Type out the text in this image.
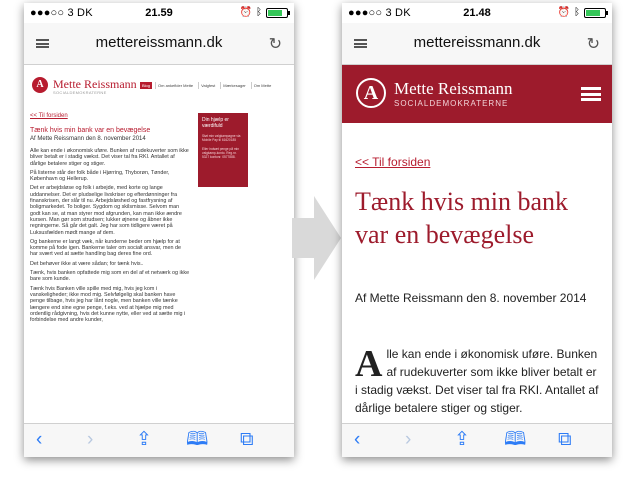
●●●○○ 3 DK	21.59	⏰ ᛒ
mettereissmann.dk	↻
A Mette Reissmann
SOCIALDEMOKRATERNE
Blog	Om ankeflder Mette	Valgfest	Mærkesager	Om Mette
<< Til forsiden
Tænk hvis min bank var en bevægelse
Af Mette Reissmann den 8. november 2014

Alle kan ende i økonomisk uføre. Bunken af rudekuverter som ikke bliver betalt er i stadig vækst. Det viser tal fra RKI. Antallet af dårlige betalere stiger og stiger.

På listerne står der folk både i Hjørring, Thyborøn, Tønder, København og Hellerup.

Det er arbejdsløse og folk i arbejde, med korte og lange uddannelser. Det er pludselige livskriser og efterdønninger fra finanskrisen, der slår til nu. Arbejdsløshed og fastfrysning af boligmarkedet. To boliger. Sygdom og skilsmisse. Selvom man godt kan se, at man styrer mod afgrunden, kan man ikke ændre kursen. Man gør som strudsen; lukker øjnene og åbner ikke regningerne. Så går det galt. Jeg har som tidligere været på Luksusfælden mødt mange af dem.

Og bankerne er langt væk, når kunderne beder om hjælp for at komme på fode igen. Bankerne taler om socialt ansvar, men de har svært ved at sætte handling bag deres fine ord.

Det behøver ikke at være sådan; for tænk hvis..

Tænk, hvis banken opfattede mig som en del af et netværk og ikke bare som kunde.

Tænk hvis Banken ville spille med mig, hvis jeg kom i vanskeligheder; ikke mod mig. Selvfølgelig skal banken have penge tilbage, hvis jeg har lånt nogle, men banken ville tænke længere end sine egne penge, f.eks. ved at hjælpe mig med ordentlig rådgivning, hvis det kunne nytte, eller ved at sætte mig i forbindelse med andre kunder,

Din hjælp er værdifuld
Støt min valgkampagne via Mobile Pay til 61620185
Eller indsæt penge på min valgkamp-konto. Reg.nr. 5327 kontonr. 0577888.
‹ › ⇪ 🕮 ⧉
●●●○○ 3 DK	21.48	⏰ ᛒ
mettereissmann.dk	↻
A Mette Reissmann
SOCIALDEMOKRATERNE
<< Til forsiden
Tænk hvis min bank var en bevægelse
Af Mette Reissmann den 8. november 2014
Alle kan ende i økonomisk uføre. Bunken af rudekuverter som ikke bliver betalt er i stadig vækst. Det viser tal fra RKI. Antallet af dårlige betalere stiger og stiger.
‹ › ⇪ 🕮 ⧉
